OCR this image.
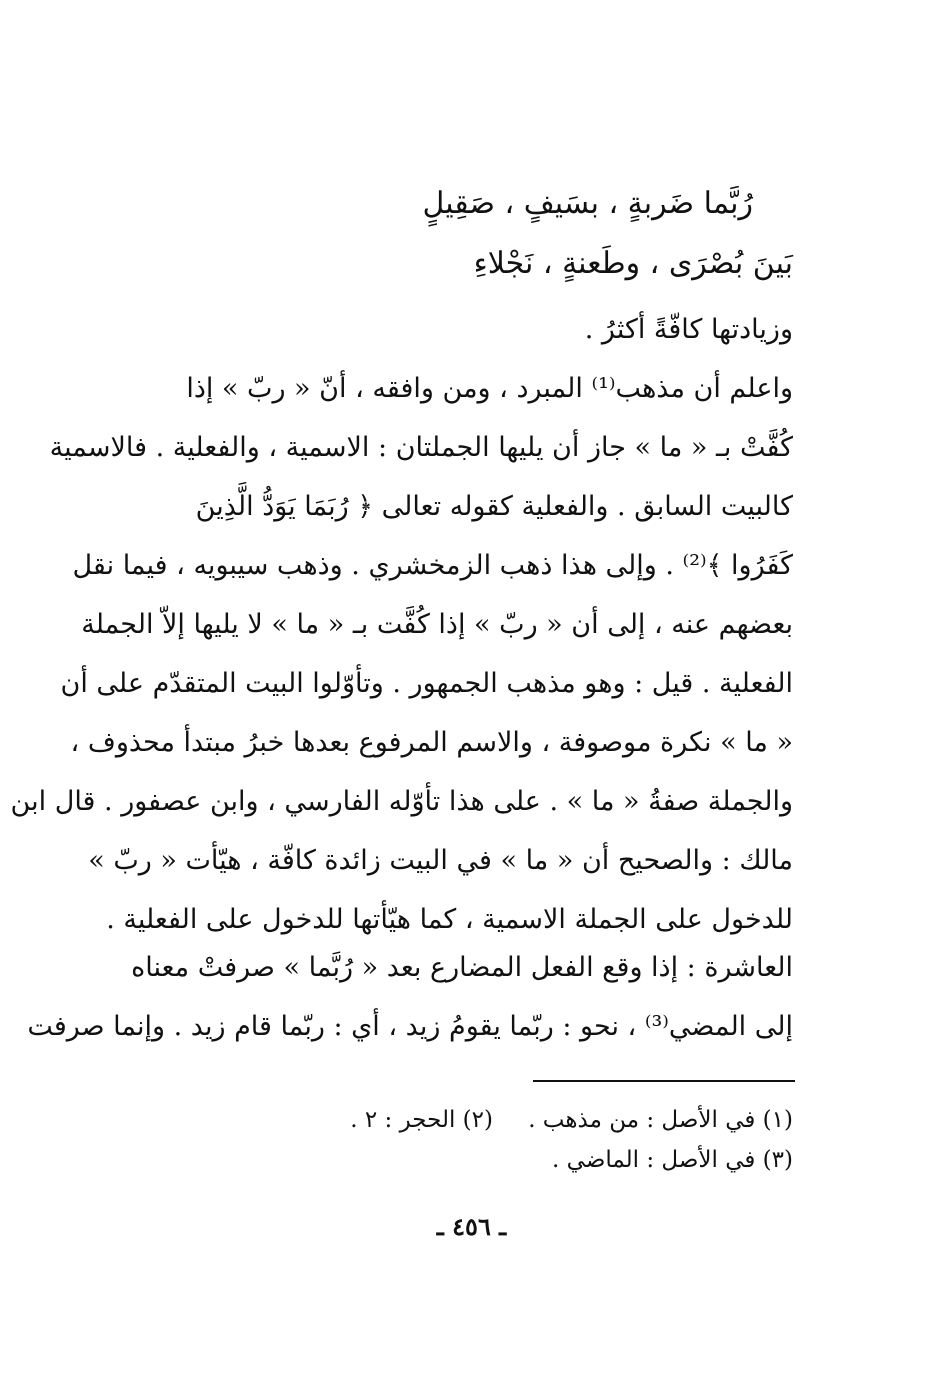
رُبَّما ضَربةٍ ، بسَيفٍ ، صَقِيلٍ
بَينَ بُصْرَى ، وطَعنةٍ ، نَجْلاءِ
وزيادتها كافّةً أكثرُ .
واعلم أن مذهب⁽¹⁾ المبرد ، ومن وافقه ، أنّ « ربّ » إذا
كُفَّتْ بـ « ما » جاز أن يليها الجملتان : الاسمية ، والفعلية . فالاسمية
كالبيت السابق . والفعلية كقوله تعالى ﴿ رُبَمَا يَوَدُّ الَّذِينَ
كَفَرُوا ﴾⁽²⁾ . وإلى هذا ذهب الزمخشري . وذهب سيبويه ، فيما نقل
بعضهم عنه ، إلى أن « ربّ » إذا كُفَّت بـ « ما » لا يليها إلاّ الجملة
الفعلية . قيل : وهو مذهب الجمهور . وتأوّلوا البيت المتقدّم على أن
« ما » نكرة موصوفة ، والاسم المرفوع بعدها خبرُ مبتدأ محذوف ،
والجملة صفةُ « ما » . على هذا تأوّله الفارسي ، وابن عصفور . قال ابن
مالك : والصحيح أن « ما » في البيت زائدة كافّة ، هيّأت « ربّ »
للدخول على الجملة الاسمية ، كما هيّأتها للدخول على الفعلية .
العاشرة : إذا وقع الفعل المضارع بعد « رُبَّما » صرفتْ معناه
إلى المضي⁽³⁾ ، نحو : ربّما يقومُ زيد ، أي : ربّما قام زيد . وإنما صرفت
(١) في الأصل : من مذهب .
(٢) الحجر : ٢ .
(٣) في الأصل : الماضي .
ـ ٤٥٦ ـ
